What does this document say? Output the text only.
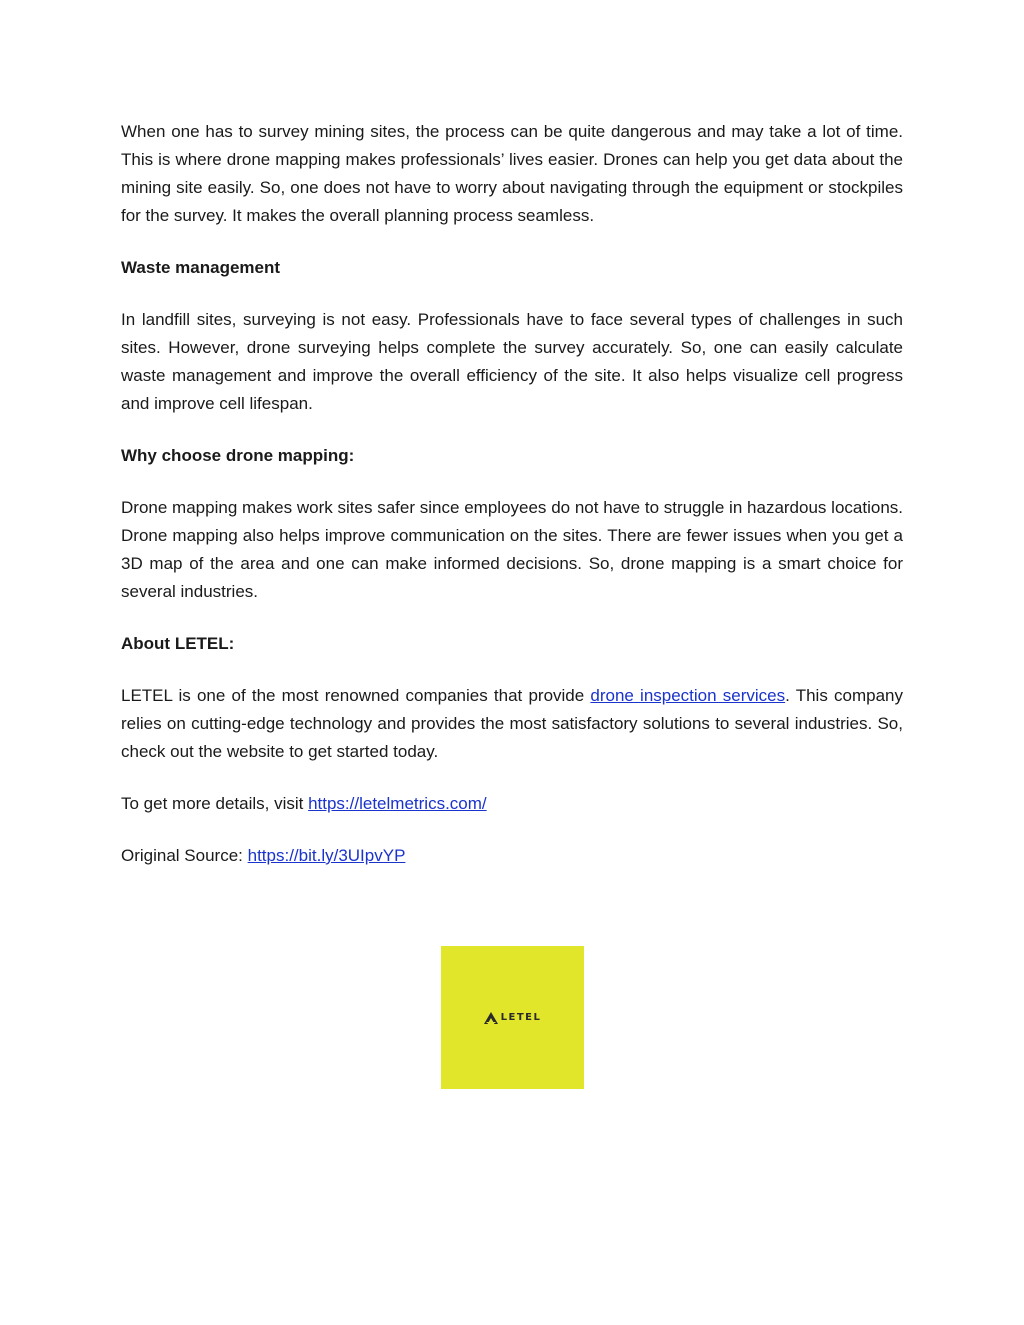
When one has to survey mining sites, the process can be quite dangerous and may take a lot of time. This is where drone mapping makes professionals’ lives easier. Drones can help you get data about the mining site easily. So, one does not have to worry about navigating through the equipment or stockpiles for the survey. It makes the overall planning process seamless.

Waste management

In landfill sites, surveying is not easy. Professionals have to face several types of challenges in such sites. However, drone surveying helps complete the survey accurately. So, one can easily calculate waste management and improve the overall efficiency of the site. It also helps visualize cell progress and improve cell lifespan.

Why choose drone mapping:

Drone mapping makes work sites safer since employees do not have to struggle in hazardous locations. Drone mapping also helps improve communication on the sites. There are fewer issues when you get a 3D map of the area and one can make informed decisions. So, drone mapping is a smart choice for several industries.

About LETEL:

LETEL is one of the most renowned companies that provide drone inspection services. This company relies on cutting-edge technology and provides the most satisfactory solutions to several industries. So, check out the website to get started today.

To get more details, visit https://letelmetrics.com/

Original Source: https://bit.ly/3UIpvYP

LETEL
